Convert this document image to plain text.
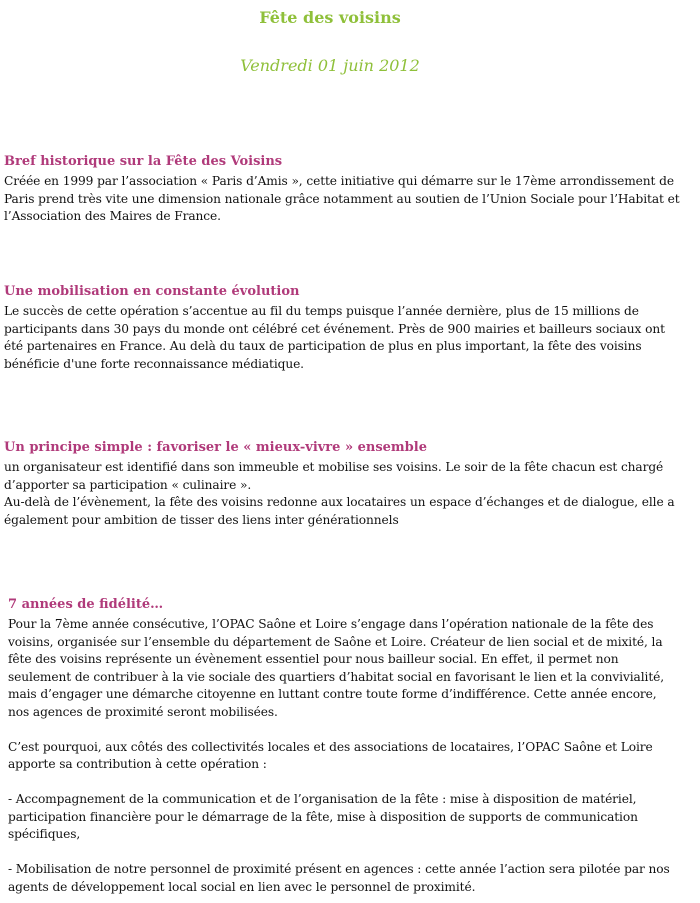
Fête des voisins
Vendredi 01 juin 2012
Bref historique sur la Fête des Voisins

Créée en 1999 par l’association « Paris d’Amis », cette initiative qui démarre sur le 17ème arrondissement de Paris prend très vite une dimension nationale grâce notamment au soutien de l’Union Sociale pour l’Habitat et l’Association des Maires de France.

Une mobilisation en constante évolution

Le succès de cette opération s’accentue au fil du temps puisque l’année dernière, plus de 15 millions de participants dans 30 pays du monde ont célébré cet événement. Près de 900 mairies et bailleurs sociaux ont été partenaires en France. Au delà du taux de participation de plus en plus important, la fête des voisins bénéficie d'une forte reconnaissance médiatique.

Un principe simple : favoriser le « mieux-vivre » ensemble

un organisateur est identifié dans son immeuble et mobilise ses voisins. Le soir de la fête chacun est chargé d’apporter sa participation « culinaire ».

Au-delà de l’évènement, la fête des voisins redonne aux locataires un espace d’échanges et de dialogue, elle a également pour ambition de tisser des liens inter générationnels

7 années de fidélité…

Pour la 7ème année consécutive, l’OPAC Saône et Loire s’engage dans l’opération nationale de la fête des voisins, organisée sur l’ensemble du département de Saône et Loire. Créateur de lien social et de mixité, la fête des voisins représente un évènement essentiel pour nous bailleur social. En effet, il permet non seulement de contribuer à la vie sociale des quartiers d’habitat social en favorisant le lien et la convivialité, mais d’engager une démarche citoyenne en luttant contre toute forme d’indifférence. Cette année encore, nos agences de proximité seront mobilisées.

C’est pourquoi, aux côtés des collectivités locales et des associations de locataires, l’OPAC Saône et Loire apporte sa contribution à cette opération :

- Accompagnement de la communication et de l’organisation de la fête : mise à disposition de matériel, participation financière pour le démarrage de la fête, mise à disposition de supports de communication spécifiques,

- Mobilisation de notre personnel de proximité présent en agences : cette année l’action sera pilotée par nos agents de développement local social en lien avec le personnel de proximité.
